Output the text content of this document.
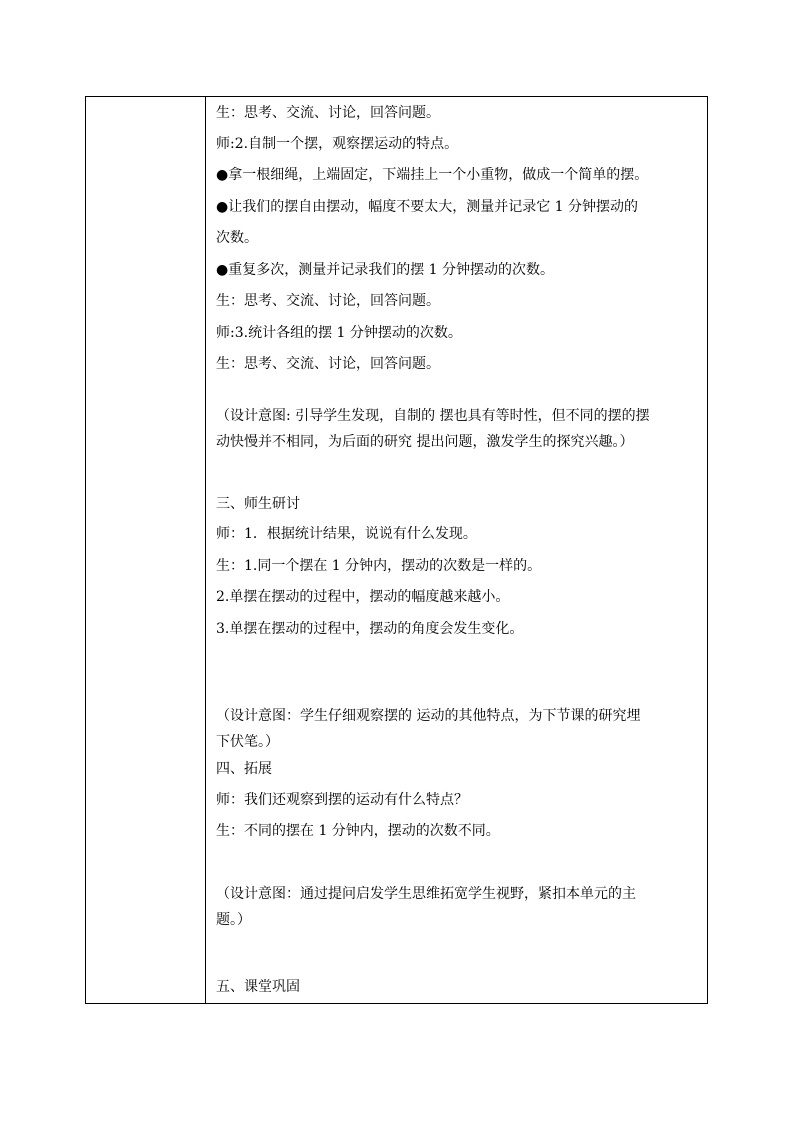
生：思考、交流、讨论，回答问题。
师:2.自制一个摆，观察摆运动的特点。
●拿一根细绳，上端固定，下端挂上一个小重物，做成一个简单的摆。
●让我们的摆自由摆动，幅度不要太大，测量并记录它 1 分钟摆动的
次数。
●重复多次，测量并记录我们的摆 1 分钟摆动的次数。
生：思考、交流、讨论，回答问题。
师:3.统计各组的摆 1 分钟摆动的次数。
生：思考、交流、讨论，回答问题。
（设计意图: 引导学生发现，自制的 摆也具有等时性，但不同的摆的摆
动快慢并不相同，为后面的研究 提出问题，激发学生的探究兴趣。）
三、师生研讨
师：1．根据统计结果，说说有什么发现。
生：1.同一个摆在 1 分钟内，摆动的次数是一样的。
2.单摆在摆动的过程中，摆动的幅度越来越小。
3.单摆在摆动的过程中，摆动的角度会发生变化。
（设计意图：学生仔细观察摆的 运动的其他特点，为下节课的研究埋
下伏笔。）
四、拓展
师：我们还观察到摆的运动有什么特点？
生：不同的摆在 1 分钟内，摆动的次数不同。
（设计意图：通过提问启发学生思维拓宽学生视野，紧扣本单元的主
题。）
五、课堂巩固
